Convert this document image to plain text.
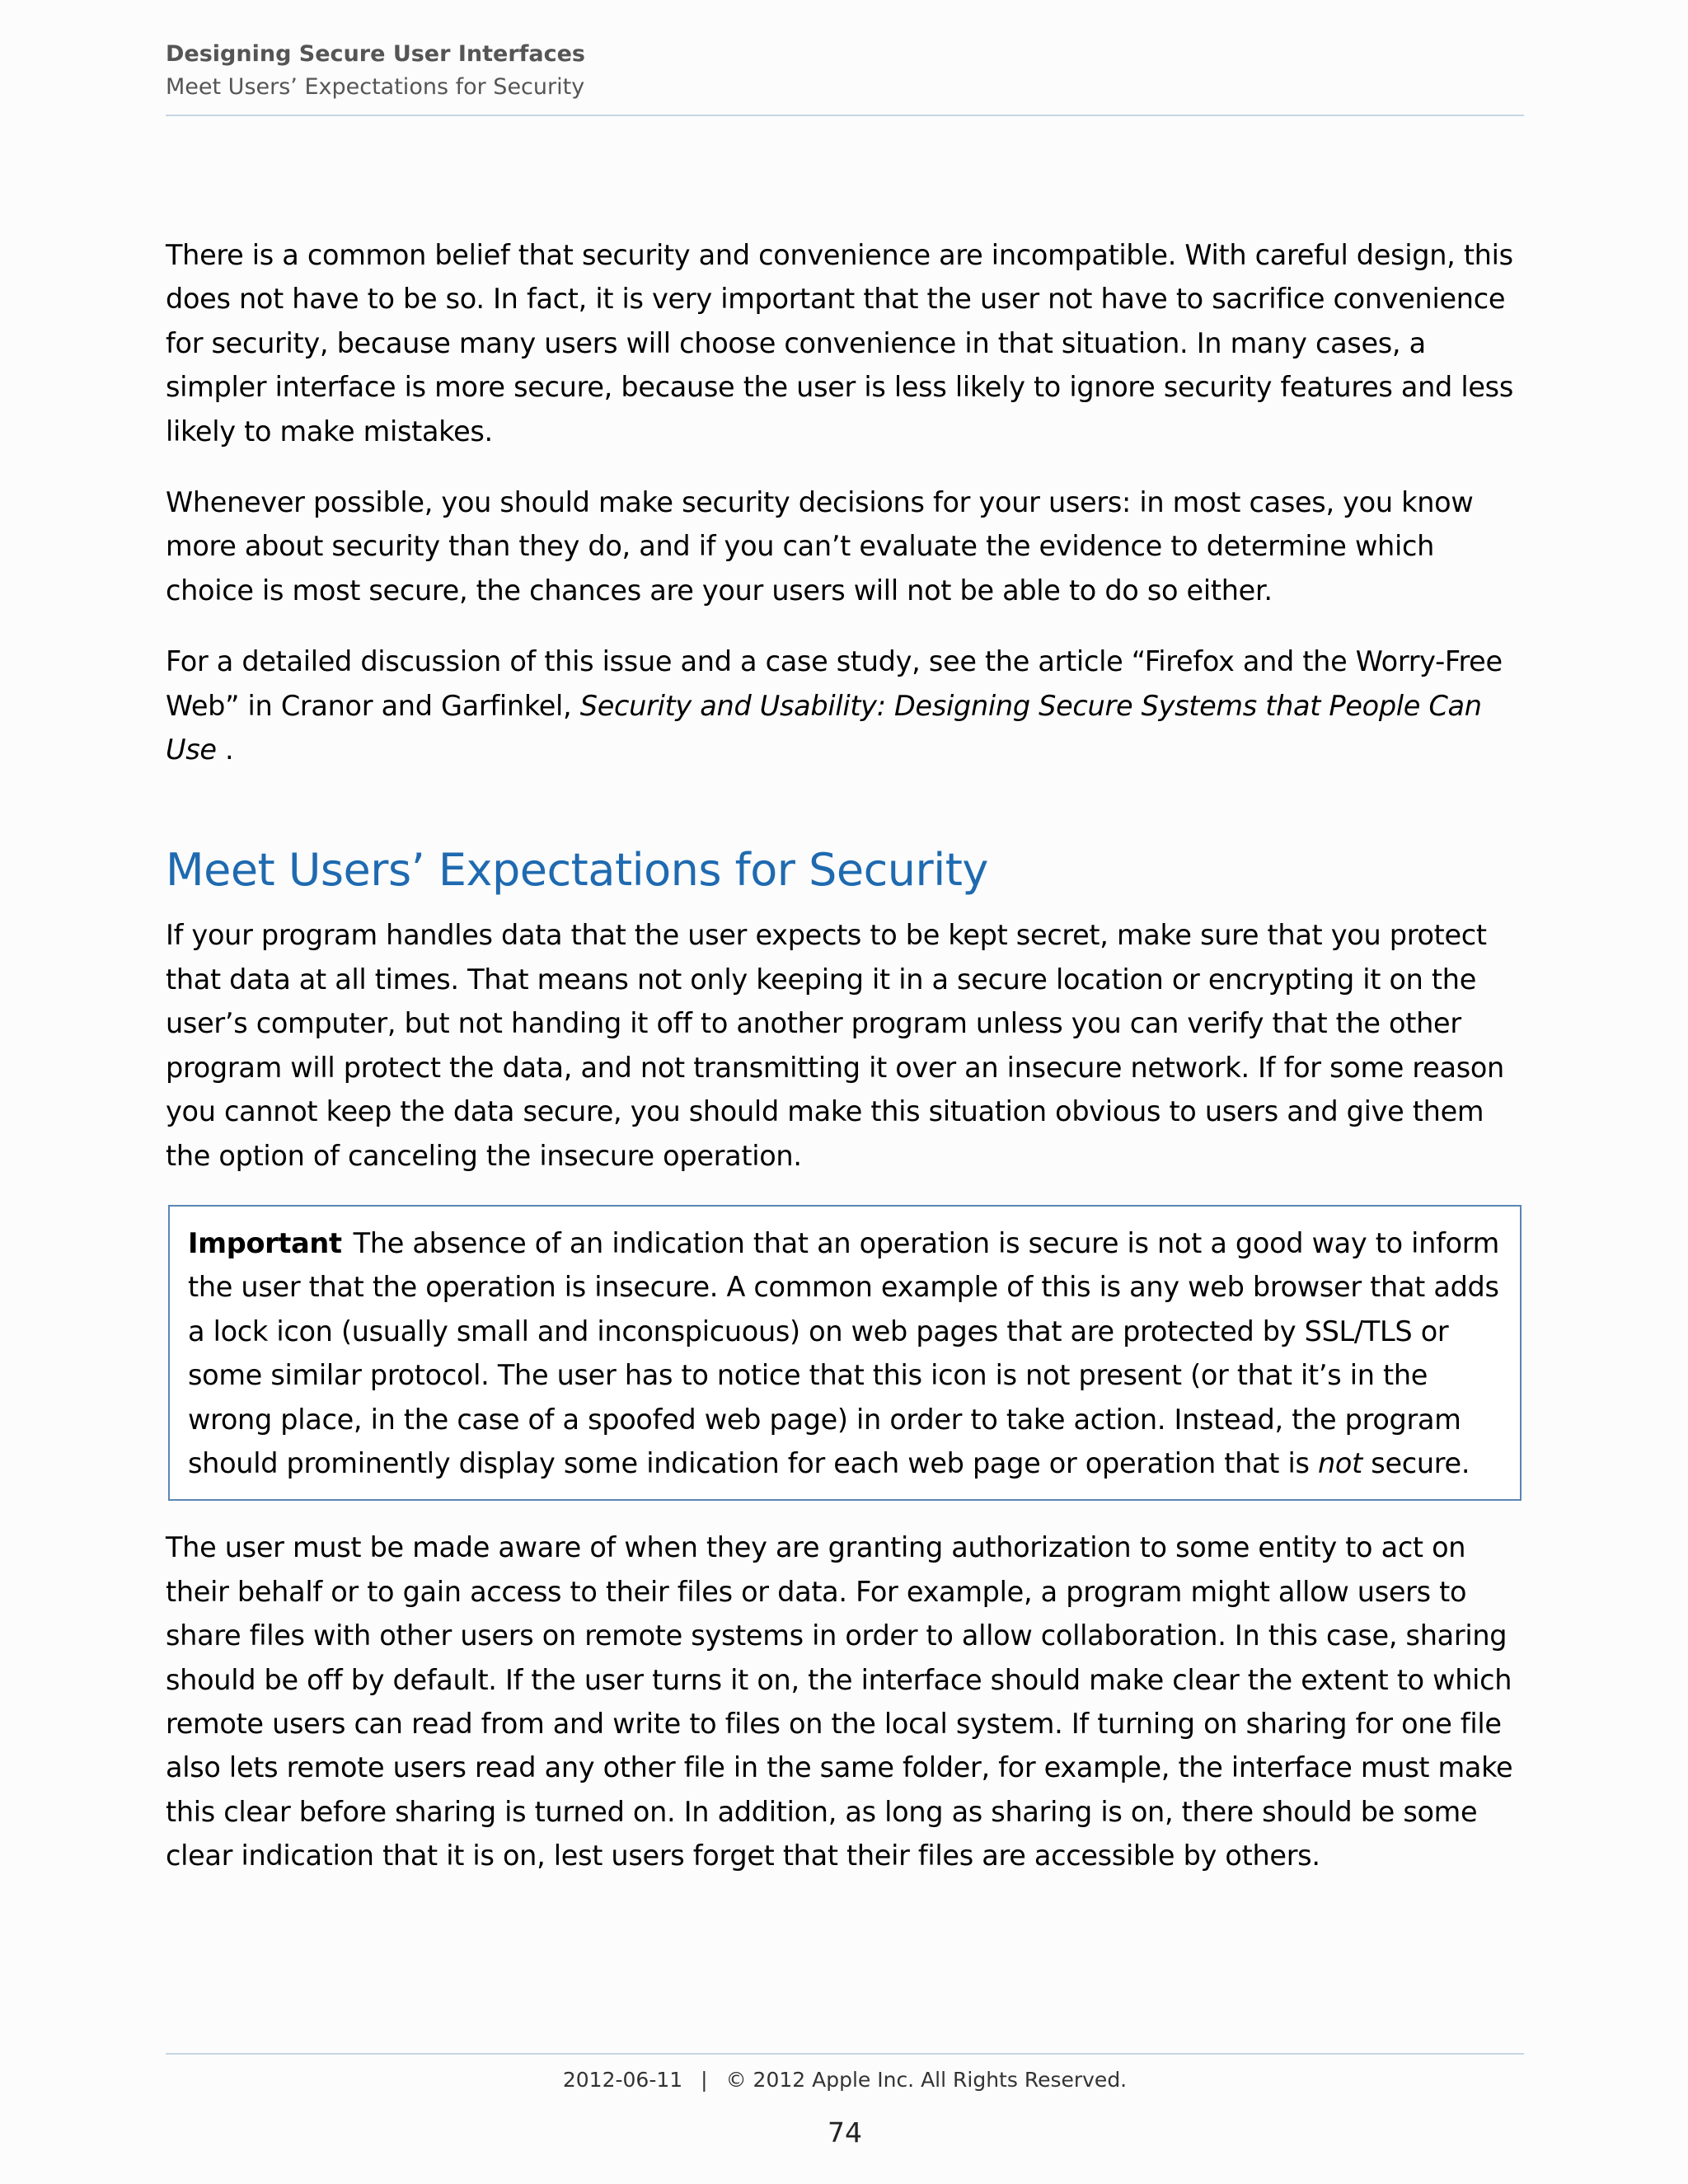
Designing Secure User Interfaces
Meet Users’ Expectations for Security

There is a common belief that security and convenience are incompatible. With careful design, this does not have to be so. In fact, it is very important that the user not have to sacrifice convenience for security, because many users will choose convenience in that situation. In many cases, a simpler interface is more secure, because the user is less likely to ignore security features and less likely to make mistakes.

Whenever possible, you should make security decisions for your users: in most cases, you know more about security than they do, and if you can’t evaluate the evidence to determine which choice is most secure, the chances are your users will not be able to do so either.

For a detailed discussion of this issue and a case study, see the article “Firefox and the Worry-Free Web” in Cranor and Garfinkel, Security and Usability: Designing Secure Systems that People Can Use .

Meet Users’ Expectations for Security

If your program handles data that the user expects to be kept secret, make sure that you protect that data at all times. That means not only keeping it in a secure location or encrypting it on the user’s computer, but not handing it off to another program unless you can verify that the other program will protect the data, and not transmitting it over an insecure network. If for some reason you cannot keep the data secure, you should make this situation obvious to users and give them the option of canceling the insecure operation.

Important The absence of an indication that an operation is secure is not a good way to inform the user that the operation is insecure. A common example of this is any web browser that adds a lock icon (usually small and inconspicuous) on web pages that are protected by SSL/TLS or some similar protocol. The user has to notice that this icon is not present (or that it’s in the wrong place, in the case of a spoofed web page) in order to take action. Instead, the program should prominently display some indication for each web page or operation that is not secure.

The user must be made aware of when they are granting authorization to some entity to act on their behalf or to gain access to their files or data. For example, a program might allow users to share files with other users on remote systems in order to allow collaboration. In this case, sharing should be off by default. If the user turns it on, the interface should make clear the extent to which remote users can read from and write to files on the local system. If turning on sharing for one file also lets remote users read any other file in the same folder, for example, the interface must make this clear before sharing is turned on. In addition, as long as sharing is on, there should be some clear indication that it is on, lest users forget that their files are accessible by others.

2012-06-11 | © 2012 Apple Inc. All Rights Reserved.
74
